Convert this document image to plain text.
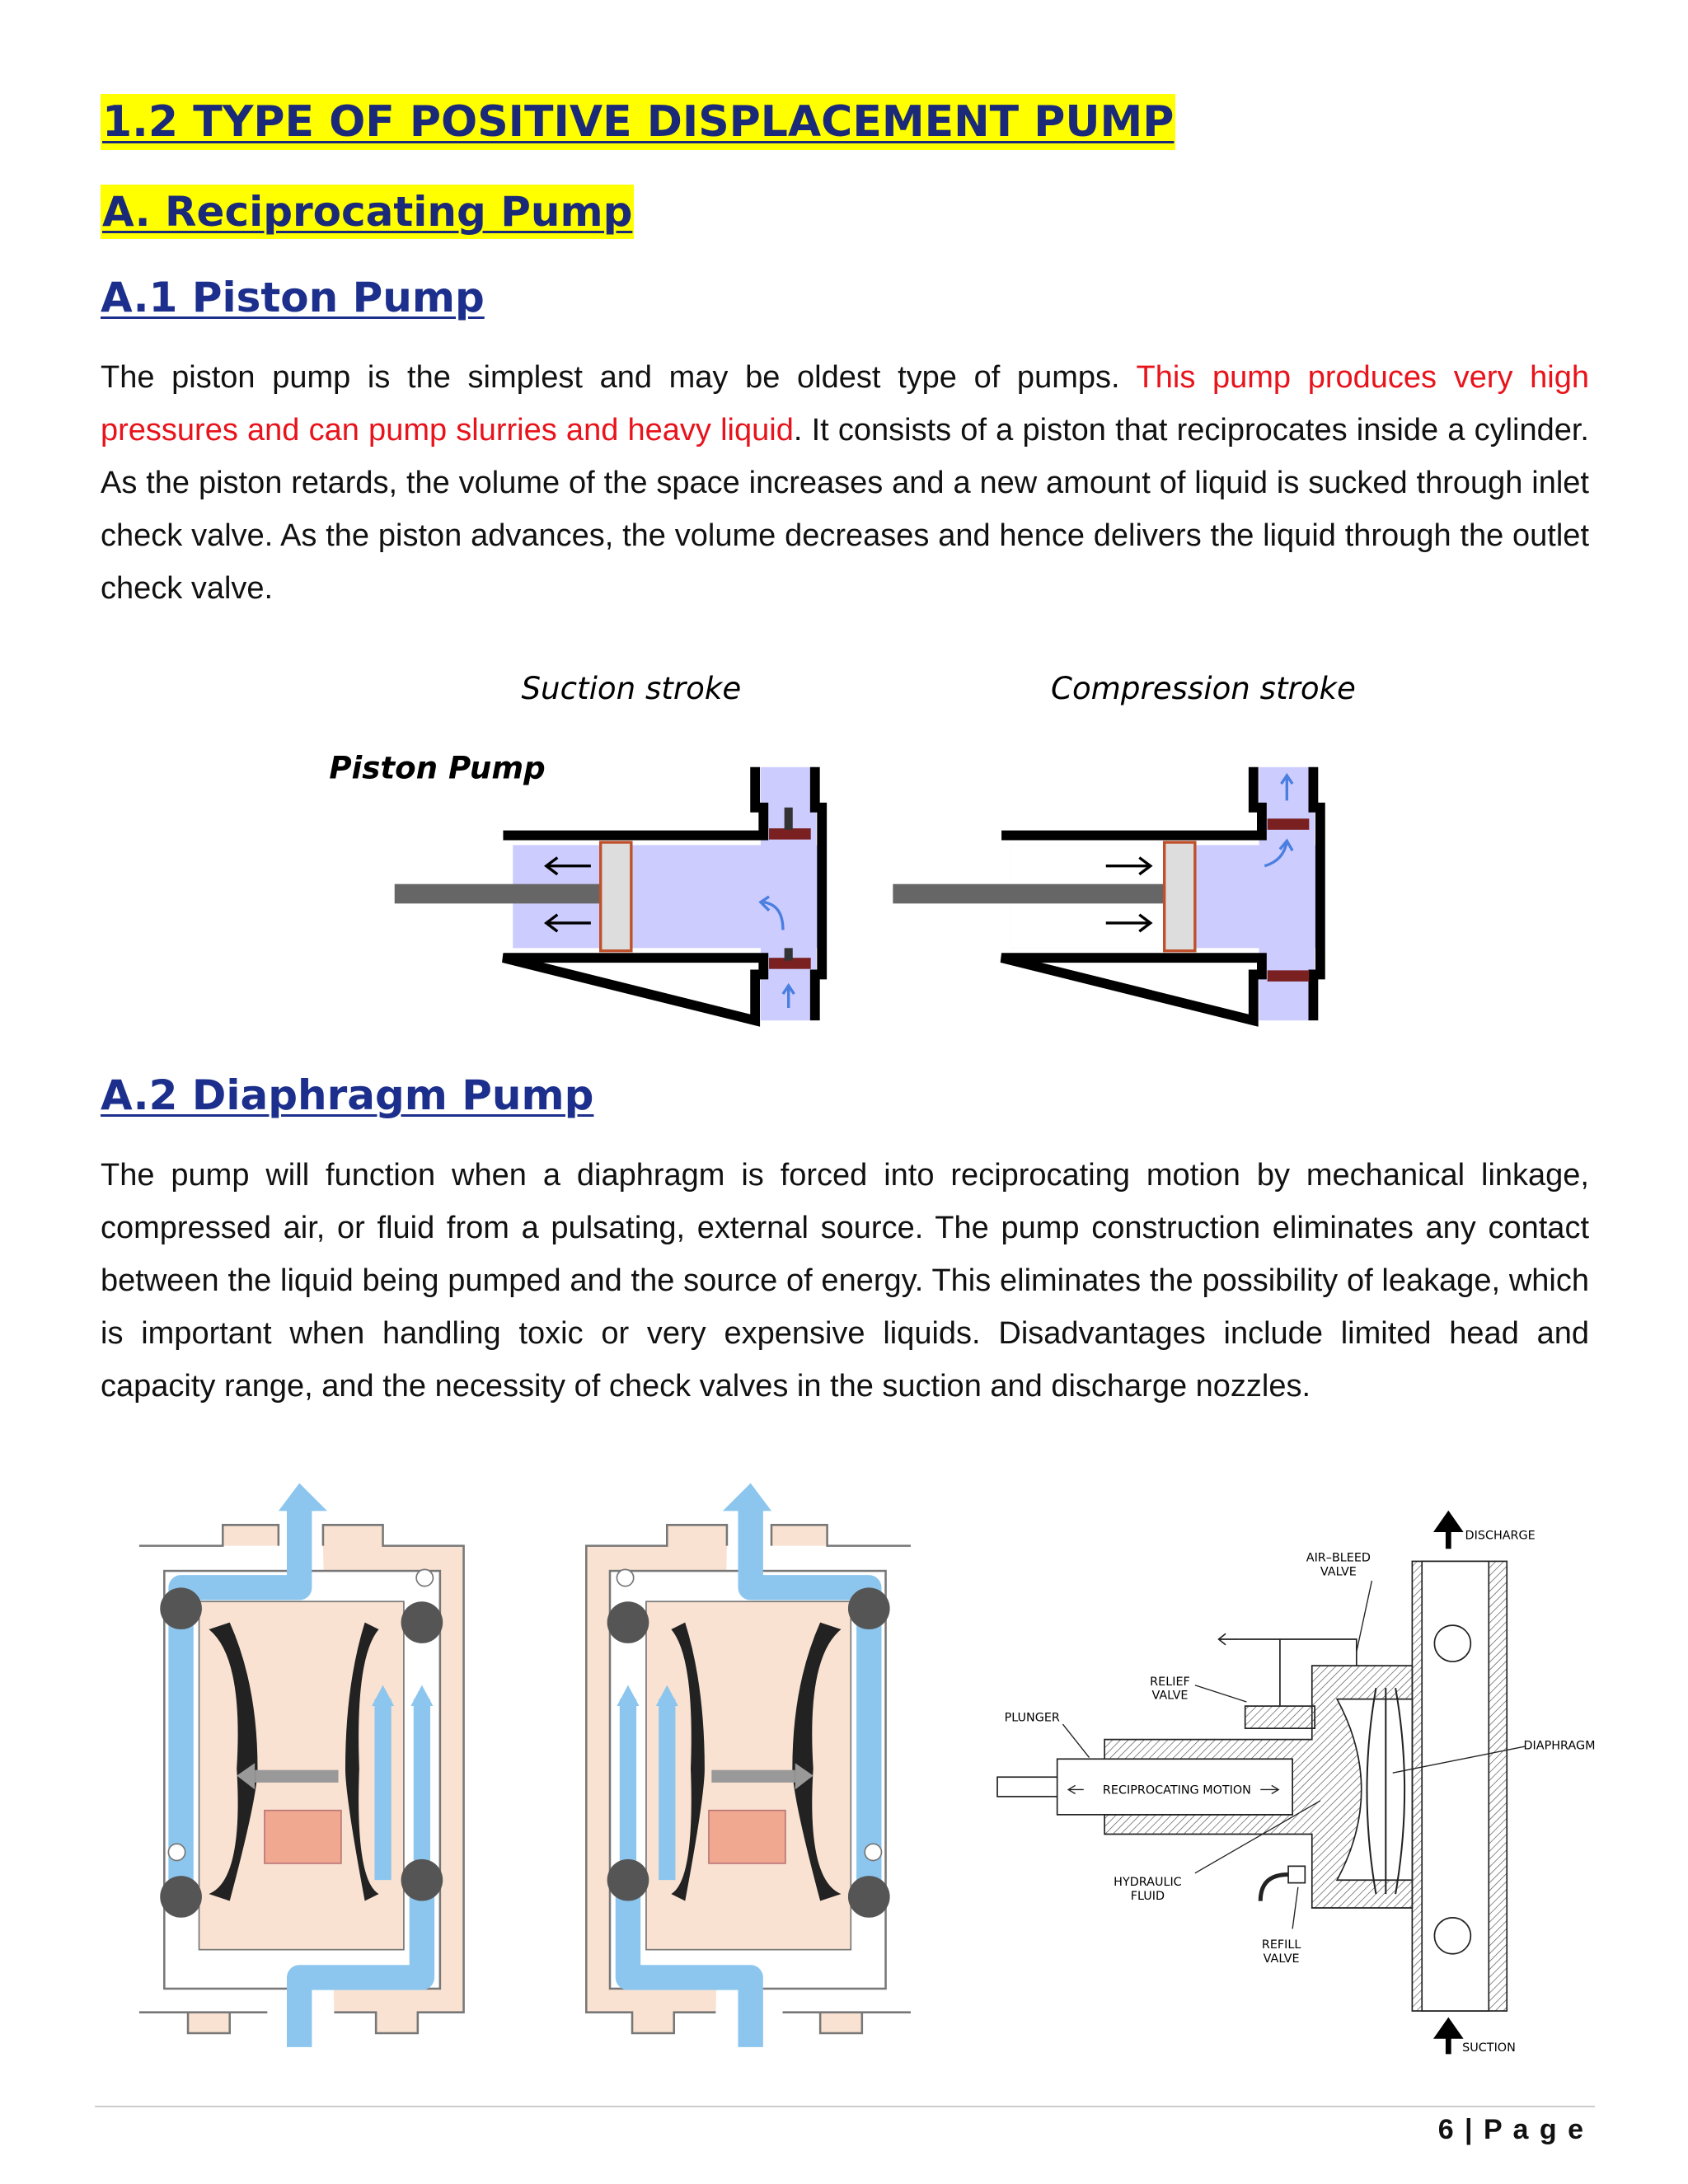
1.2 TYPE OF POSITIVE DISPLACEMENT PUMP
A. Reciprocating Pump
A.1 Piston Pump
The piston pump is the simplest and may be oldest type of pumps. This pump produces very high pressures and can pump slurries and heavy liquid. It consists of a piston that reciprocates inside a cylinder. As the piston retards, the volume of the space increases and a new amount of liquid is sucked through inlet check valve. As the piston advances, the volume decreases and hence delivers the liquid through the outlet check valve.
Suction stroke	Compression stroke
Piston Pump
A.2 Diaphragm Pump
The pump will function when a diaphragm is forced into reciprocating motion by mechanical linkage, compressed air, or fluid from a pulsating, external source. The pump construction eliminates any contact between the liquid being pumped and the source of energy. This eliminates the possibility of leakage, which is important when handling toxic or very expensive liquids. Disadvantages include limited head and capacity range, and the necessity of check valves in the suction and discharge nozzles.
DISCHARGE
AIR–BLEED
VALVE
RELIEF
VALVE
PLUNGER
RECIPROCATING MOTION
DIAPHRAGM
HYDRAULIC
FLUID
REFILL
VALVE
SUCTION
6 | P a g e
